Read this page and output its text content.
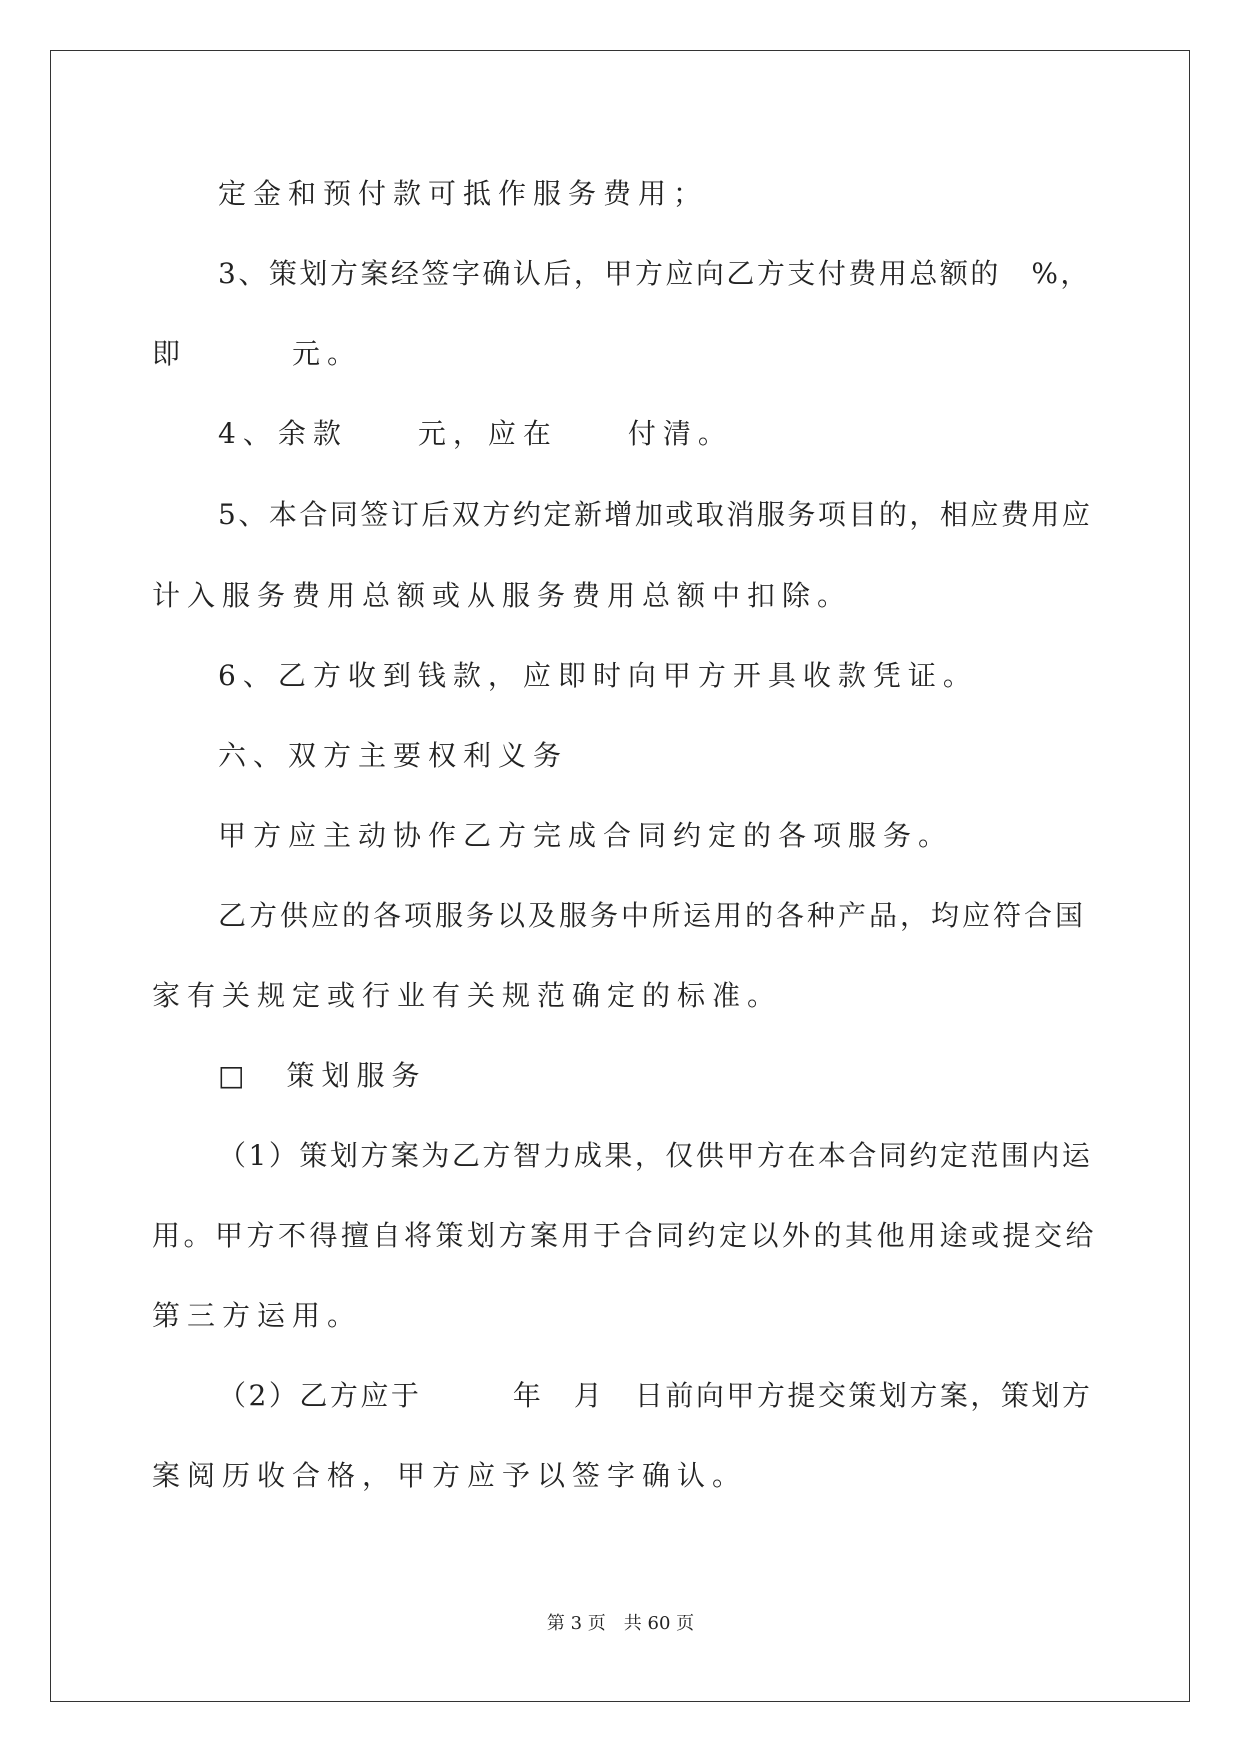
定金和预付款可抵作服务费用；
3、策划方案经签字确认后，甲方应向乙方支付费用总额的　%，
即　　　元。
4、余款　　元，应在　　付清。
5、本合同签订后双方约定新增加或取消服务项目的，相应费用应
计入服务费用总额或从服务费用总额中扣除。
6、乙方收到钱款，应即时向甲方开具收款凭证。
六、双方主要权利义务
甲方应主动协作乙方完成合同约定的各项服务。
乙方供应的各项服务以及服务中所运用的各种产品，均应符合国
家有关规定或行业有关规范确定的标准。
□　策划服务
（1）策划方案为乙方智力成果，仅供甲方在本合同约定范围内运
用。甲方不得擅自将策划方案用于合同约定以外的其他用途或提交给
第三方运用。
（2）乙方应于　　　年　月　日前向甲方提交策划方案，策划方
案阅历收合格，甲方应予以签字确认。
第 3 页　共 60 页
